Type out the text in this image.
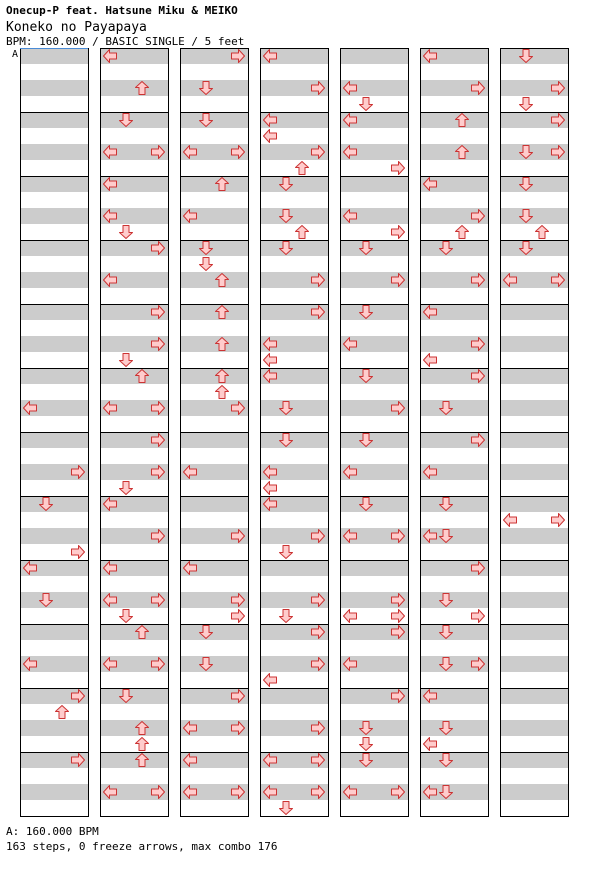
Onecup-P feat. Hatsune Miku & MEIKO
Koneko no Payapaya
BPM: 160.000 / BASIC SINGLE / 5 feet
A
A: 160.000 BPM
163 steps, 0 freeze arrows, max combo 176
